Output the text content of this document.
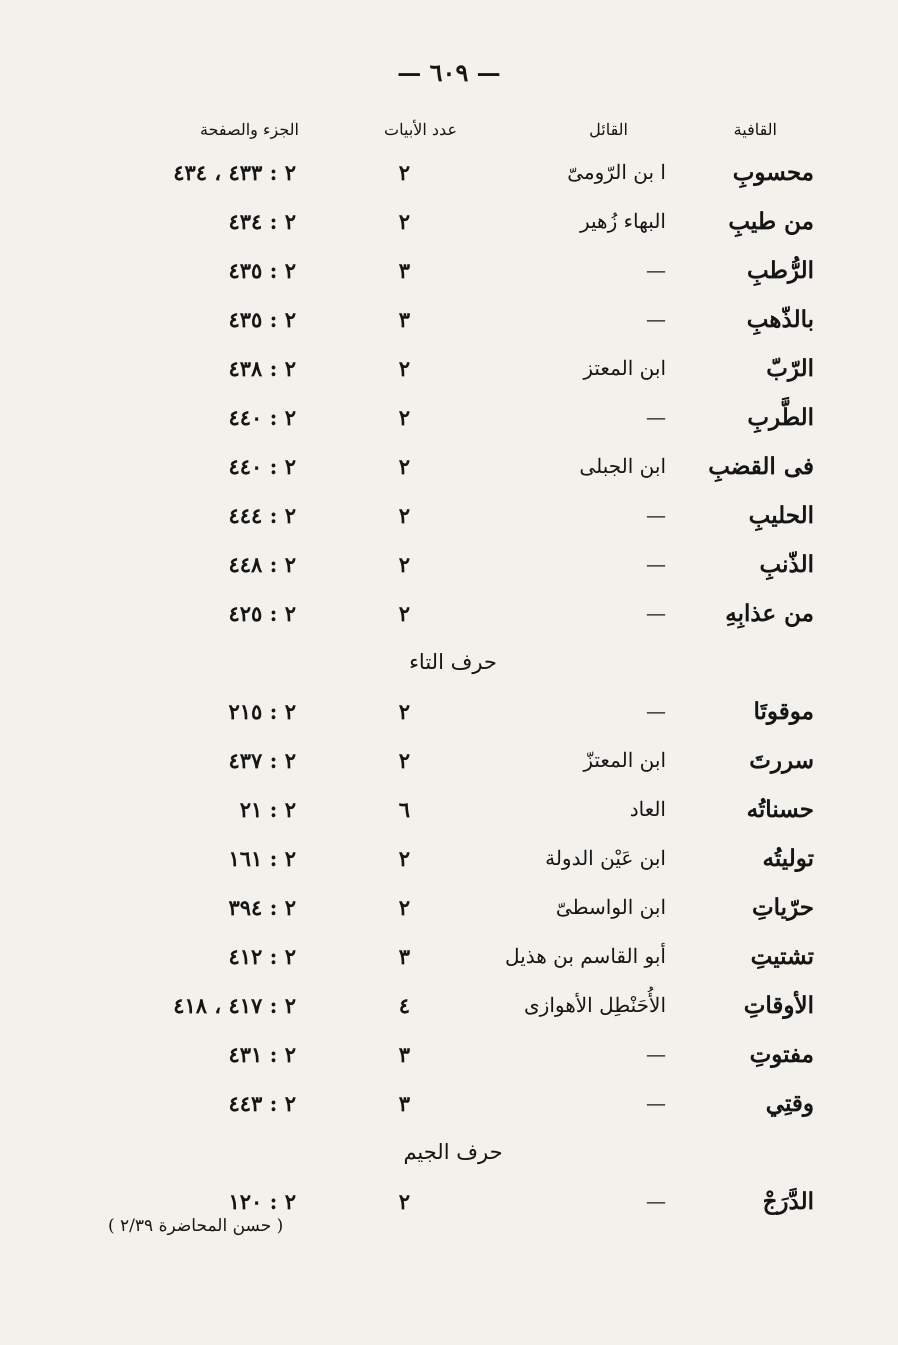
— ٦٠٩ —
القافية
القائل
عدد الأبيات
الجزء والصفحة
محسوبِ
ا بن الرّومىّ
٢
٢ : ٤٣٣ ، ٤٣٤
من طيبِ
البهاء زُهير
٢
٢ : ٤٣٤
الرُّطبِ
—
٣
٢ : ٤٣٥
بالذّهبِ
—
٣
٢ : ٤٣٥
الرّبّ
ابن المعتز
٢
٢ : ٤٣٨
الطَّربِ
—
٢
٢ : ٤٤٠
فى القضبِ
ابن الجبلى
٢
٢ : ٤٤٠
الحليبِ
—
٢
٢ : ٤٤٤
الذّنبِ
—
٢
٢ : ٤٤٨
من عذابِهِ
—
٢
٢ : ٤٢٥
حرف التاء
موقوتَا
—
٢
٢ : ٢١٥
سررتَ
ابن المعتزّ
٢
٢ : ٤٣٧
حسناتُه
العاد
٦
٢ : ٢١
توليتُه
ابن عَيْن الدولة
٢
٢ : ١٦١
حرّياتِ
ابن الواسطىّ
٢
٢ : ٣٩٤
تشتيتِ
أبو القاسم بن هذيل
٣
٢ : ٤١٢
الأوقاتِ
الأُحَنْطِل الأهوازى
٤
٢ : ٤١٧ ، ٤١٨
مفتوتِ
—
٣
٢ : ٤٣١
وقتِي
—
٣
٢ : ٤٤٣
حرف الجيم
الدَّرَجْ
—
٢
٢ : ١٢٠
( حسن المحاضرة ٢/٣٩ )
